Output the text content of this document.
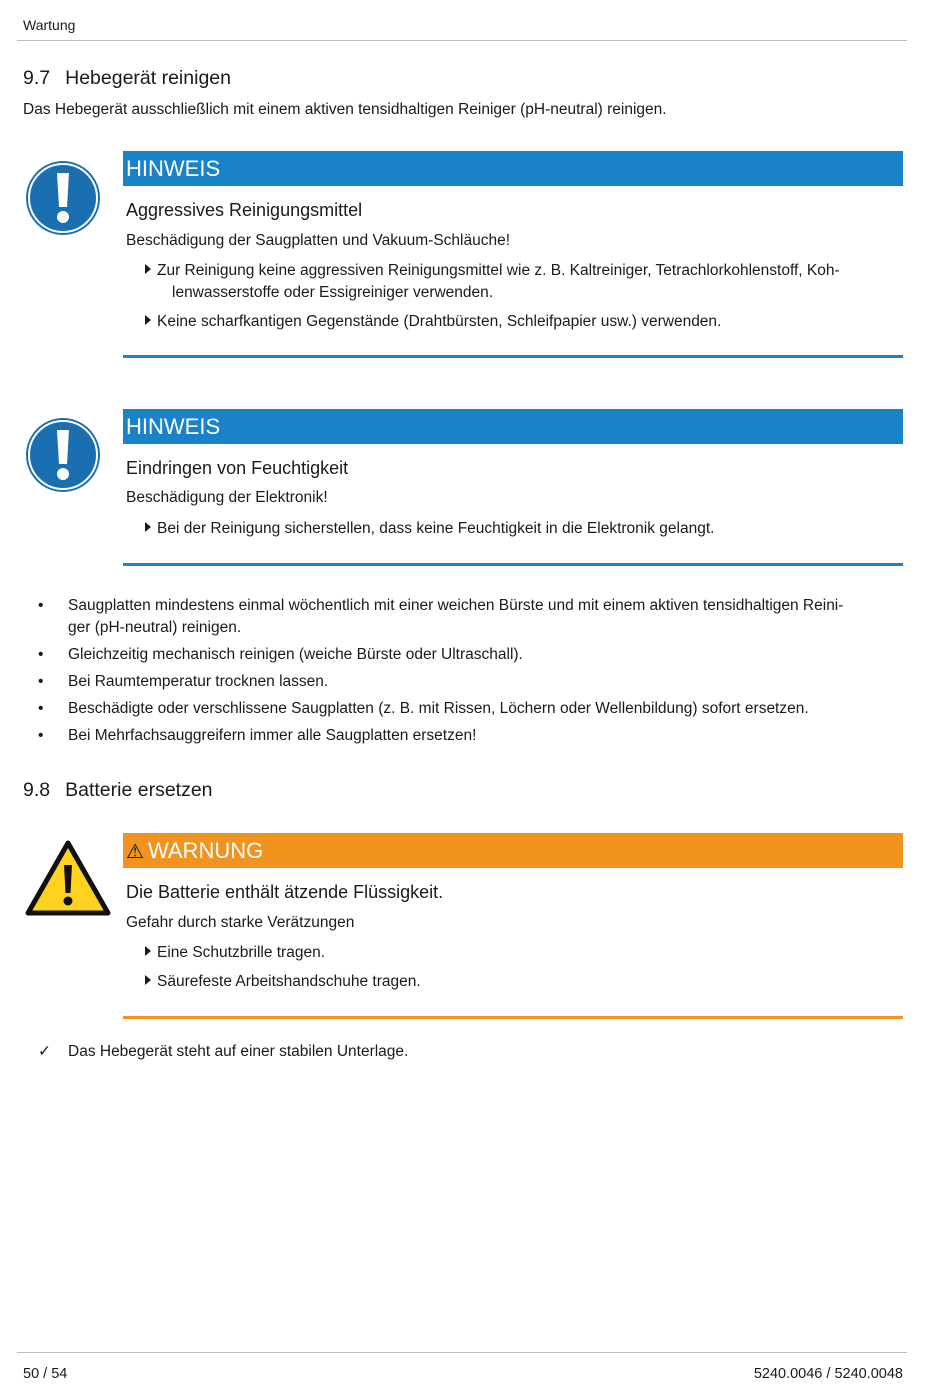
Wartung
9.7 Hebegerät reinigen
Das Hebegerät ausschließlich mit einem aktiven tensidhaltigen Reiniger (pH-neutral) reinigen.
HINWEIS
Aggressives Reinigungsmittel
Beschädigung der Saugplatten und Vakuum-Schläuche!
Zur Reinigung keine aggressiven Reinigungsmittel wie z. B. Kaltreiniger, Tetrachlorkohlenstoff, Koh-
lenwasserstoffe oder Essigreiniger verwenden.
Keine scharfkantigen Gegenstände (Drahtbürsten, Schleifpapier usw.) verwenden.
HINWEIS
Eindringen von Feuchtigkeit
Beschädigung der Elektronik!
Bei der Reinigung sicherstellen, dass keine Feuchtigkeit in die Elektronik gelangt.
• Saugplatten mindestens einmal wöchentlich mit einer weichen Bürste und mit einem aktiven tensidhaltigen Reini-
ger (pH-neutral) reinigen.
• Gleichzeitig mechanisch reinigen (weiche Bürste oder Ultraschall).
• Bei Raumtemperatur trocknen lassen.
• Beschädigte oder verschlissene Saugplatten (z. B. mit Rissen, Löchern oder Wellenbildung) sofort ersetzen.
• Bei Mehrfachsauggreifern immer alle Saugplatten ersetzen!
9.8 Batterie ersetzen
⚠ WARNUNG
Die Batterie enthält ätzende Flüssigkeit.
Gefahr durch starke Verätzungen
Eine Schutzbrille tragen.
Säurefeste Arbeitshandschuhe tragen.
✓ Das Hebegerät steht auf einer stabilen Unterlage.
50 / 54	5240.0046 / 5240.0048
